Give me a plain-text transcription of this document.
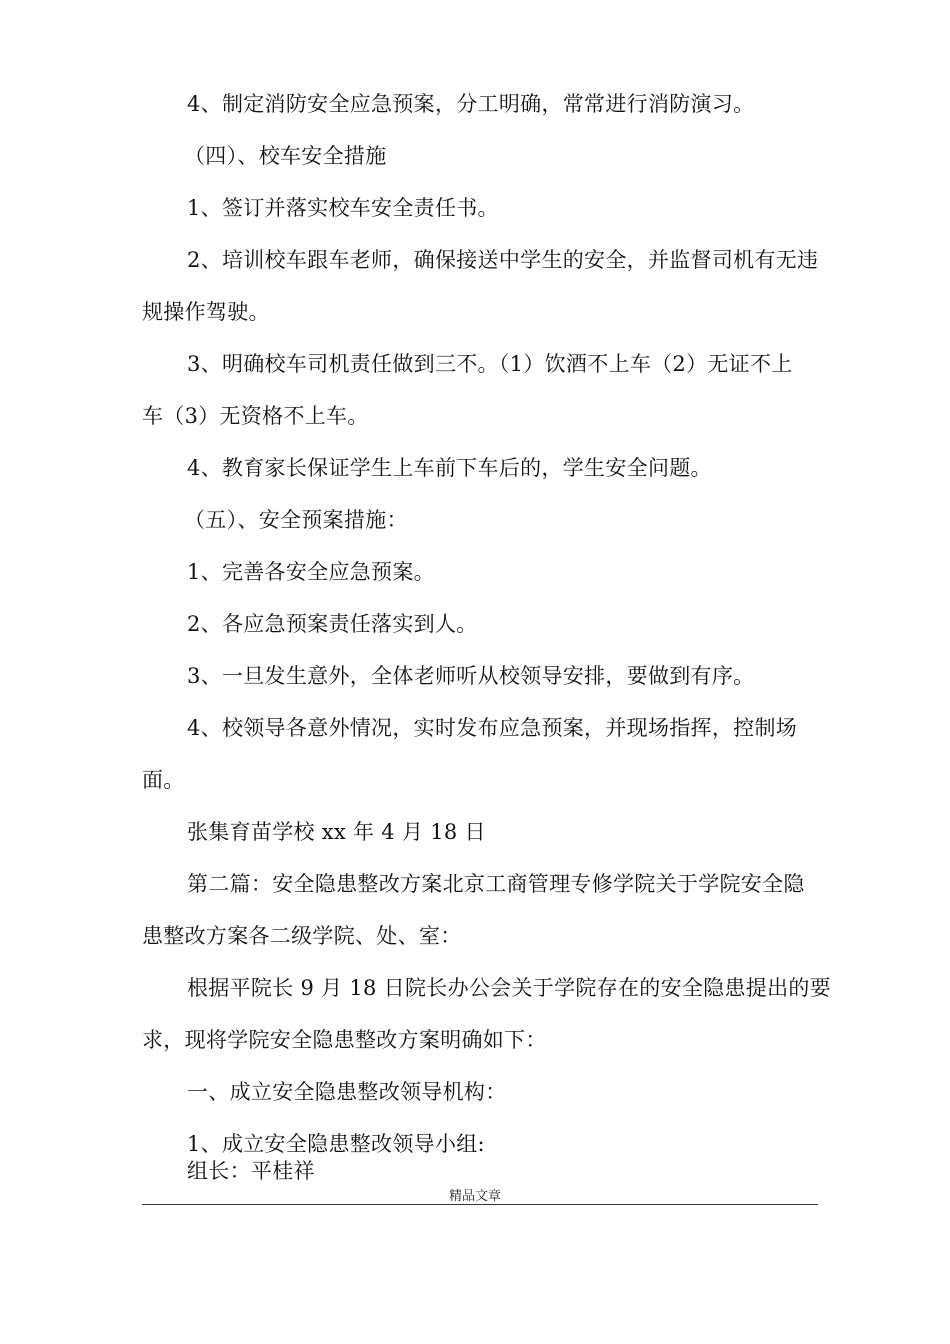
4、制定消防安全应急预案，分工明确，常常进行消防演习。
（四）、校车安全措施
1、签订并落实校车安全责任书。
2、培训校车跟车老师，确保接送中学生的安全，并监督司机有无违
规操作驾驶。
3、明确校车司机责任做到三不。（1）饮酒不上车（2）无证不上
车（3）无资格不上车。
4、教育家长保证学生上车前下车后的，学生安全问题。
（五）、安全预案措施：
1、完善各安全应急预案。
2、各应急预案责任落实到人。
3、一旦发生意外，全体老师听从校领导安排，要做到有序。
4、校领导各意外情况，实时发布应急预案，并现场指挥，控制场
面。
张集育苗学校 xx 年 4 月 18 日
第二篇：安全隐患整改方案北京工商管理专修学院关于学院安全隐
患整改方案各二级学院、处、室：
根据平院长 9 月 18 日院长办公会关于学院存在的安全隐患提出的要
求，现将学院安全隐患整改方案明确如下：
一、成立安全隐患整改领导机构：
1、成立安全隐患整改领导小组:
组长：平桂祥
精品文章
